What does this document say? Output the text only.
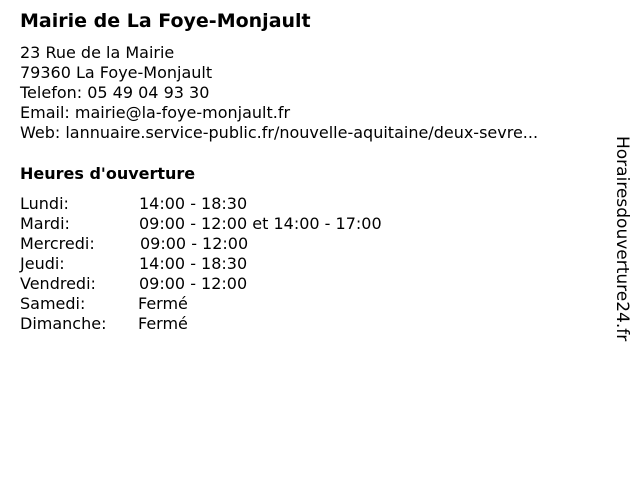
Mairie de La Foye-Monjault
23 Rue de la Mairie
79360 La Foye-Monjault
Telefon: 05 49 04 93 30
Email: mairie@la-foye-monjault.fr
Web: lannuaire.service-public.fr/nouvelle-aquitaine/deux-sevre...
Heures d'ouverture
Lundi:	14:00 - 18:30
Mardi:	09:00 - 12:00 et 14:00 - 17:00
Mercredi:	09:00 - 12:00
Jeudi:	14:00 - 18:30
Vendredi:	09:00 - 12:00
Samedi:	Fermé
Dimanche: Fermé	Horairesdouverture24.fr
